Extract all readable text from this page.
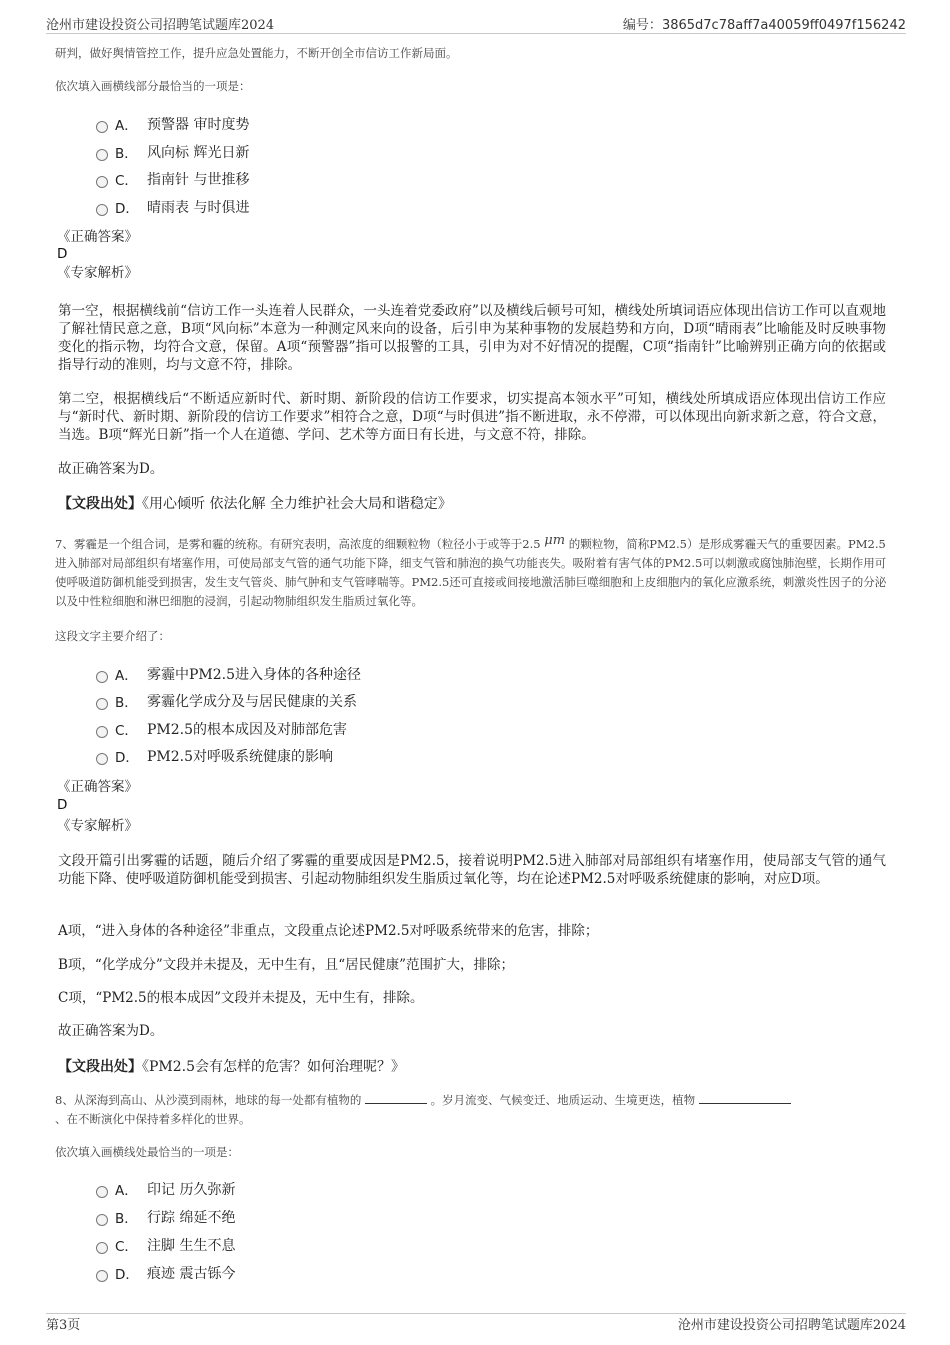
沧州市建设投资公司招聘笔试题库2024	编号：3865d7c78aff7a40059ff0497f156242
研判，做好舆情管控工作，提升应急处置能力，不断开创全市信访工作新局面。
依次填入画横线部分最恰当的一项是：
A． 预警器 审时度势
B． 风向标 辉光日新
C． 指南针 与世推移
D． 晴雨表 与时俱进
《正确答案》
D
《专家解析》
第一空，根据横线前“信访工作一头连着人民群众，一头连着党委政府”以及横线后顿号可知，横线处所填词语应体现出信访工作可以直观地了解社情民意之意，B项“风向标”本意为一种测定风来向的设备，后引申为某种事物的发展趋势和方向，D项“晴雨表”比喻能及时反映事物变化的指示物，均符合文意，保留。A项“预警器”指可以报警的工具，引申为对不好情况的提醒，C项“指南针”比喻辨别正确方向的依据或指导行动的准则，均与文意不符，排除。
第二空，根据横线后“不断适应新时代、新时期、新阶段的信访工作要求，切实提高本领水平”可知，横线处所填成语应体现出信访工作应与“新时代、新时期、新阶段的信访工作要求”相符合之意，D项“与时俱进”指不断进取，永不停滞，可以体现出向新求新之意，符合文意，当选。B项“辉光日新”指一个人在道德、学问、艺术等方面日有长进，与文意不符，排除。
故正确答案为D。
【文段出处】《用心倾听 依法化解 全力维护社会大局和谐稳定》
7、雾霾是一个组合词，是雾和霾的统称。有研究表明，高浓度的细颗粒物（粒径小于或等于2.5 μm 的颗粒物，简称PM2.5）是形成雾霾天气的重要因素。PM2.5进入肺部对局部组织有堵塞作用，可使局部支气管的通气功能下降，细支气管和肺泡的换气功能丧失。吸附着有害气体的PM2.5可以刺激或腐蚀肺泡壁，长期作用可使呼吸道防御机能受到损害，发生支气管炎、肺气肿和支气管哮喘等。PM2.5还可直接或间接地激活肺巨噬细胞和上皮细胞内的氧化应激系统，刺激炎性因子的分泌以及中性粒细胞和淋巴细胞的浸润，引起动物肺组织发生脂质过氧化等。
这段文字主要介绍了：
A． 雾霾中PM2.5进入身体的各种途径
B． 雾霾化学成分及与居民健康的关系
C． PM2.5的根本成因及对肺部危害
D． PM2.5对呼吸系统健康的影响
《正确答案》
D
《专家解析》
文段开篇引出雾霾的话题，随后介绍了雾霾的重要成因是PM2.5，接着说明PM2.5进入肺部对局部组织有堵塞作用，使局部支气管的通气功能下降、使呼吸道防御机能受到损害、引起动物肺组织发生脂质过氧化等，均在论述PM2.5对呼吸系统健康的影响，对应D项。
A项，“进入身体的各种途径”非重点，文段重点论述PM2.5对呼吸系统带来的危害，排除；
B项，“化学成分”文段并未提及，无中生有，且“居民健康”范围扩大，排除；
C项，“PM2.5的根本成因”文段并未提及，无中生有，排除。
故正确答案为D。
【文段出处】《PM2.5会有怎样的危害？如何治理呢？》
8、从深海到高山、从沙漠到雨林，地球的每一处都有植物的	。岁月流变、气候变迁、地质运动、生境更迭，植物
、在不断演化中保持着多样化的世界。
依次填入画横线处最恰当的一项是：
A． 印记 历久弥新
B． 行踪 绵延不绝
C． 注脚 生生不息
D． 痕迹 震古铄今
第3页	沧州市建设投资公司招聘笔试题库2024
